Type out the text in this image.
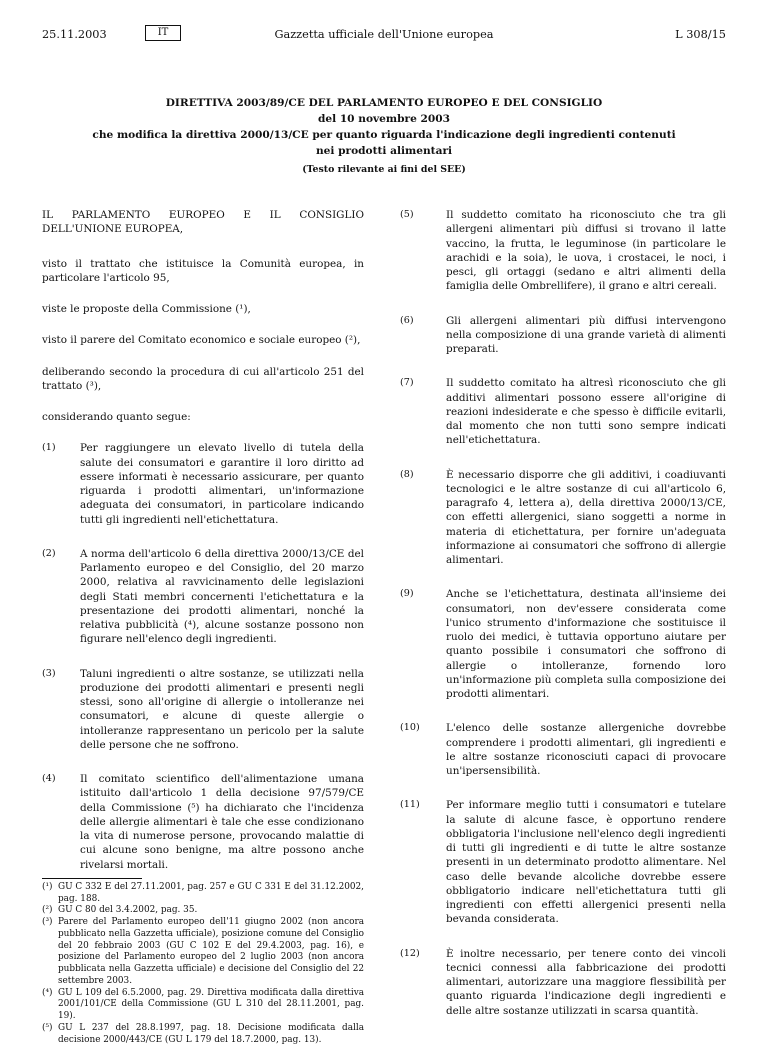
25.11.2003	IT	Gazzetta ufficiale dell'Unione europea	L 308/15
DIRETTIVA 2003/89/CE DEL PARLAMENTO EUROPEO E DEL CONSIGLIO
del 10 novembre 2003
che modifica la direttiva 2000/13/CE per quanto riguarda l'indicazione degli ingredienti contenuti
nei prodotti alimentari
(Testo rilevante ai fini del SEE)

IL PARLAMENTO EUROPEO E IL CONSIGLIO DELL'UNIONE EUROPEA,

visto il trattato che istituisce la Comunità europea, in particolare l'articolo 95,

viste le proposte della Commissione (¹),

visto il parere del Comitato economico e sociale europeo (²),

deliberando secondo la procedura di cui all'articolo 251 del trattato (³),

considerando quanto segue:

(1)	Per raggiungere un elevato livello di tutela della salute dei consumatori e garantire il loro diritto ad essere informati è necessario assicurare, per quanto riguarda i prodotti alimentari, un'informazione adeguata dei consumatori, in particolare indicando tutti gli ingredienti nell'etichettatura.
(2)	A norma dell'articolo 6 della direttiva 2000/13/CE del Parlamento europeo e del Consiglio, del 20 marzo 2000, relativa al ravvicinamento delle legislazioni degli Stati membri concernenti l'etichettatura e la presentazione dei prodotti alimentari, nonché la relativa pubblicità (⁴), alcune sostanze possono non figurare nell'elenco degli ingredienti.
(3)	Taluni ingredienti o altre sostanze, se utilizzati nella produzione dei prodotti alimentari e presenti negli stessi, sono all'origine di allergie o intolleranze nei consumatori, e alcune di queste allergie o intolleranze rappresentano un pericolo per la salute delle persone che ne soffrono.
(4)	Il comitato scientifico dell'alimentazione umana istituito dall'articolo 1 della decisione 97/579/CE della Commissione (⁵) ha dichiarato che l'incidenza delle allergie alimentari è tale che esse condizionano la vita di numerose persone, provocando malattie di cui alcune sono benigne, ma altre possono anche rivelarsi mortali.
(¹) GU C 332 E del 27.11.2001, pag. 257 e GU C 331 E del 31.12.2002, pag. 188.
(²) GU C 80 del 3.4.2002, pag. 35.
(³) Parere del Parlamento europeo dell'11 giugno 2002 (non ancora pubblicato nella Gazzetta ufficiale), posizione comune del Consiglio del 20 febbraio 2003 (GU C 102 E del 29.4.2003, pag. 16), e posizione del Parlamento europeo del 2 luglio 2003 (non ancora pubblicata nella Gazzetta ufficiale) e decisione del Consiglio del 22 settembre 2003.
(⁴) GU L 109 del 6.5.2000, pag. 29. Direttiva modificata dalla direttiva 2001/101/CE della Commissione (GU L 310 del 28.11.2001, pag. 19).
(⁵) GU L 237 del 28.8.1997, pag. 18. Decisione modificata dalla decisione 2000/443/CE (GU L 179 del 18.7.2000, pag. 13).
(5)	Il suddetto comitato ha riconosciuto che tra gli allergeni alimentari più diffusi si trovano il latte vaccino, la frutta, le leguminose (in particolare le arachidi e la soia), le uova, i crostacei, le noci, i pesci, gli ortaggi (sedano e altri alimenti della famiglia delle Ombrellifere), il grano e altri cereali.
(6)	Gli allergeni alimentari più diffusi intervengono nella composizione di una grande varietà di alimenti preparati.
(7)	Il suddetto comitato ha altresì riconosciuto che gli additivi alimentari possono essere all'origine di reazioni indesiderate e che spesso è difficile evitarli, dal momento che non tutti sono sempre indicati nell'etichettatura.
(8)	È necessario disporre che gli additivi, i coadiuvanti tecnologici e le altre sostanze di cui all'articolo 6, paragrafo 4, lettera a), della direttiva 2000/13/CE, con effetti allergenici, siano soggetti a norme in materia di etichettatura, per fornire un'adeguata informazione ai consumatori che soffrono di allergie alimentari.
(9)	Anche se l'etichettatura, destinata all'insieme dei consumatori, non dev'essere considerata come l'unico strumento d'informazione che sostituisce il ruolo dei medici, è tuttavia opportuno aiutare per quanto possibile i consumatori che soffrono di allergie o intolleranze, fornendo loro un'informazione più completa sulla composizione dei prodotti alimentari.
(10)	L'elenco delle sostanze allergeniche dovrebbe comprendere i prodotti alimentari, gli ingredienti e le altre sostanze riconosciuti capaci di provocare un'ipersensibilità.
(11)	Per informare meglio tutti i consumatori e tutelare la salute di alcune fasce, è opportuno rendere obbligatoria l'inclusione nell'elenco degli ingredienti di tutti gli ingredienti e di tutte le altre sostanze presenti in un determinato prodotto alimentare. Nel caso delle bevande alcoliche dovrebbe essere obbligatorio indicare nell'etichettatura tutti gli ingredienti con effetti allergenici presenti nella bevanda considerata.
(12)	È inoltre necessario, per tenere conto dei vincoli tecnici connessi alla fabbricazione dei prodotti alimentari, autorizzare una maggiore flessibilità per quanto riguarda l'indicazione degli ingredienti e delle altre sostanze utilizzati in scarsa quantità.
